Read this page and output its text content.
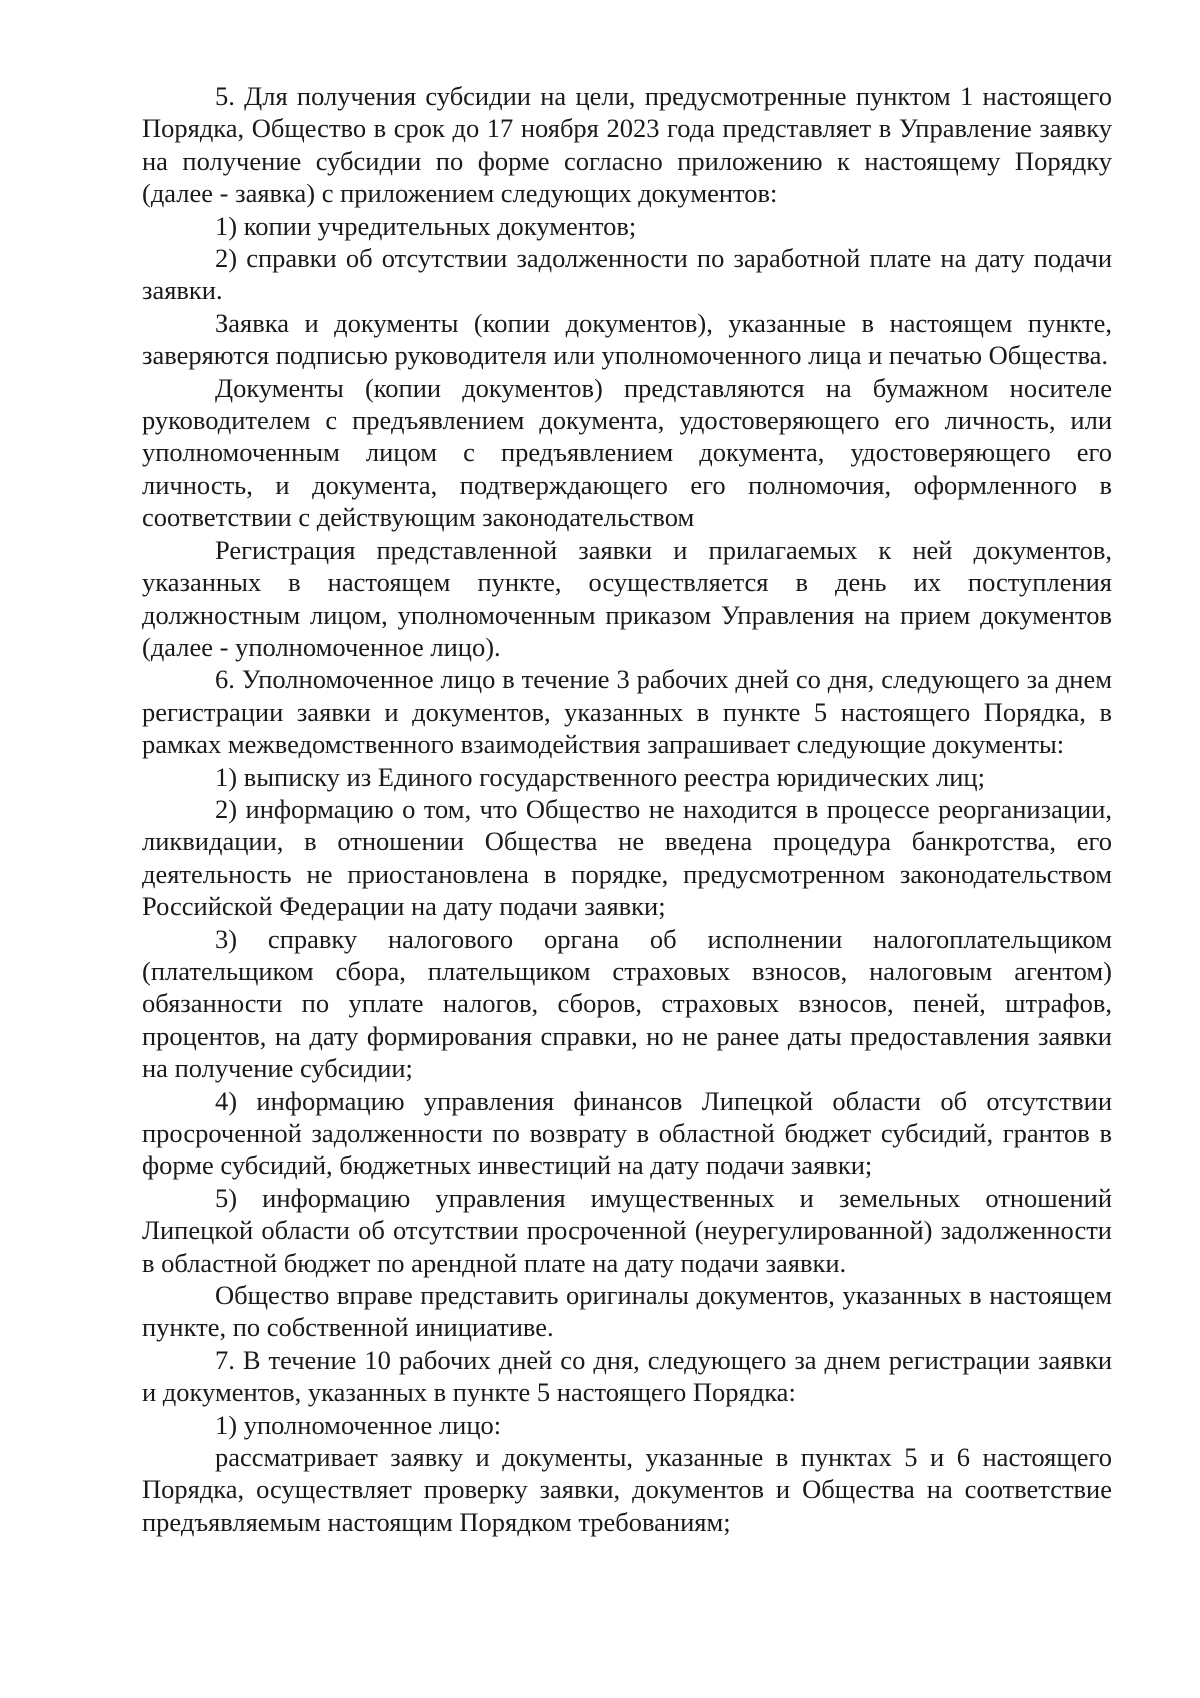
5. Для получения субсидии на цели, предусмотренные пунктом 1 настоящего Порядка, Общество в срок до 17 ноября 2023 года представляет в Управление заявку на получение субсидии по форме согласно приложению к настоящему Порядку (далее - заявка) с приложением следующих документов:

1) копии учредительных документов;

2) справки об отсутствии задолженности по заработной плате на дату подачи заявки.

Заявка и документы (копии документов), указанные в настоящем пункте, заверяются подписью руководителя или уполномоченного лица и печатью Общества.

Документы (копии документов) представляются на бумажном носителе руководителем с предъявлением документа, удостоверяющего его личность, или уполномоченным лицом с предъявлением документа, удостоверяющего его личность, и документа, подтверждающего его полномочия, оформленного в соответствии с действующим законодательством

Регистрация представленной заявки и прилагаемых к ней документов, указанных в настоящем пункте, осуществляется в день их поступления должностным лицом, уполномоченным приказом Управления на прием документов (далее - уполномоченное лицо).

6. Уполномоченное лицо в течение 3 рабочих дней со дня, следующего за днем регистрации заявки и документов, указанных в пункте 5 настоящего Порядка, в рамках межведомственного взаимодействия запрашивает следующие документы:

1) выписку из Единого государственного реестра юридических лиц;

2) информацию о том, что Общество не находится в процессе реорганизации, ликвидации, в отношении Общества не введена процедура банкротства, его деятельность не приостановлена в порядке, предусмотренном законодательством Российской Федерации на дату подачи заявки;

3) справку налогового органа об исполнении налогоплательщиком (плательщиком сбора, плательщиком страховых взносов, налоговым агентом) обязанности по уплате налогов, сборов, страховых взносов, пеней, штрафов, процентов, на дату формирования справки, но не ранее даты предоставления заявки на получение субсидии;

4) информацию управления финансов Липецкой области об отсутствии просроченной задолженности по возврату в областной бюджет субсидий, грантов в форме субсидий, бюджетных инвестиций на дату подачи заявки;

5) информацию управления имущественных и земельных отношений Липецкой области об отсутствии просроченной (неурегулированной) задолженности в областной бюджет по арендной плате на дату подачи заявки.

Общество вправе представить оригиналы документов, указанных в настоящем пункте, по собственной инициативе.

7. В течение 10 рабочих дней со дня, следующего за днем регистрации заявки и документов, указанных в пункте 5 настоящего Порядка:

1) уполномоченное лицо:

рассматривает заявку и документы, указанные в пунктах 5 и 6 настоящего Порядка, осуществляет проверку заявки, документов и Общества на соответствие предъявляемым настоящим Порядком требованиям;
